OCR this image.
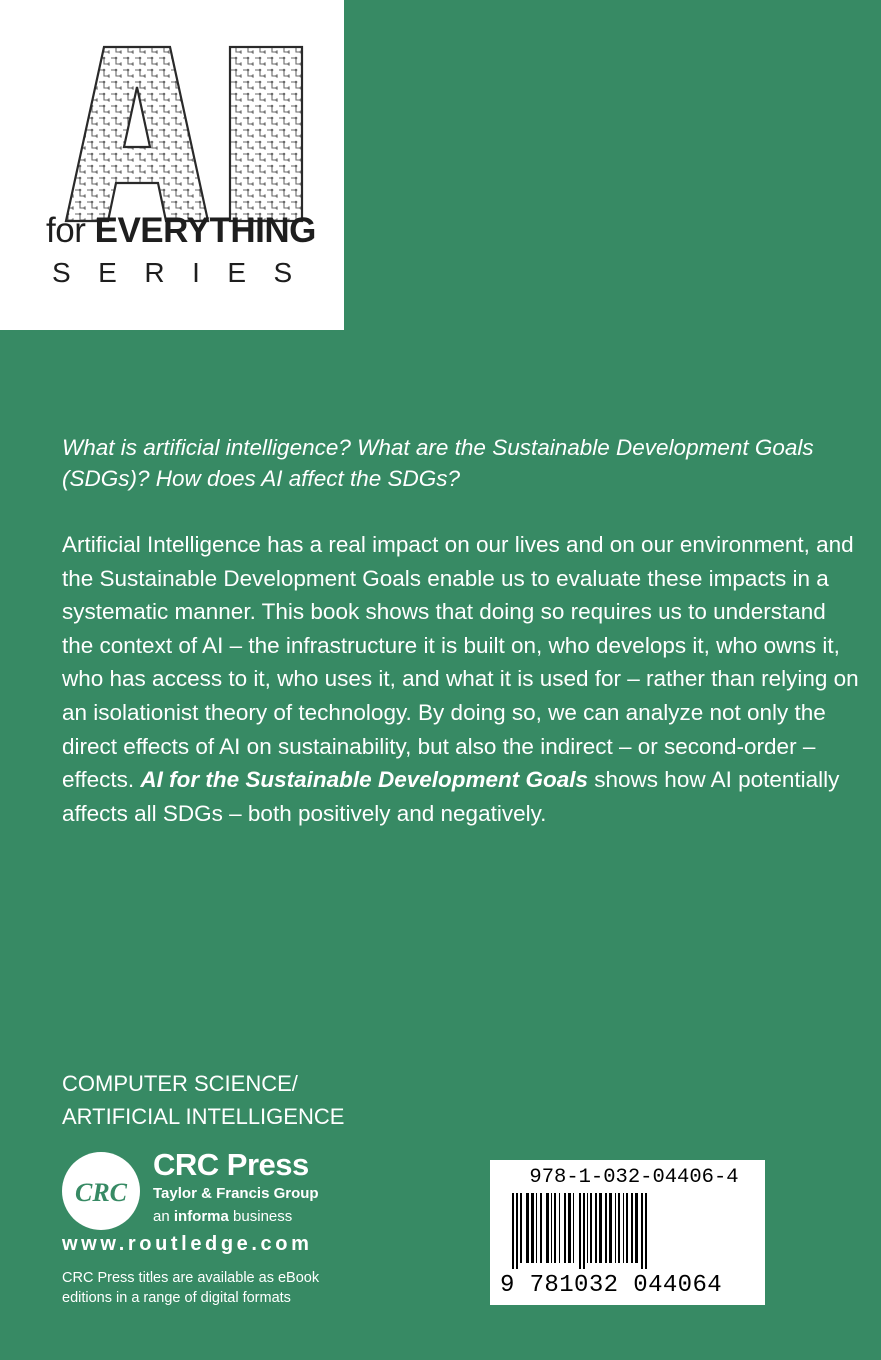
for EVERYTHING
SERIES

What is artificial intelligence? What are the Sustainable Development Goals (SDGs)? How does AI affect the SDGs?

Artificial Intelligence has a real impact on our lives and on our environment, and the Sustainable Development Goals enable us to evaluate these impacts in a systematic manner. This book shows that doing so requires us to understand the context of AI – the infrastructure it is built on, who develops it, who owns it, who has access to it, who uses it, and what it is used for – rather than relying on an isolationist theory of technology. By doing so, we can analyze not only the direct effects of AI on sustainability, but also the indirect – or second-order – effects. AI for the Sustainable Development Goals shows how AI potentially affects all SDGs – both positively and negatively.

COMPUTER SCIENCE/
ARTIFICIAL INTELLIGENCE
CRC
CRC Press
Taylor & Francis Group
an informa business
www.routledge.com

CRC Press titles are available as eBook editions in a range of digital formats

978-1-032-04406-4
9 781032 044064
